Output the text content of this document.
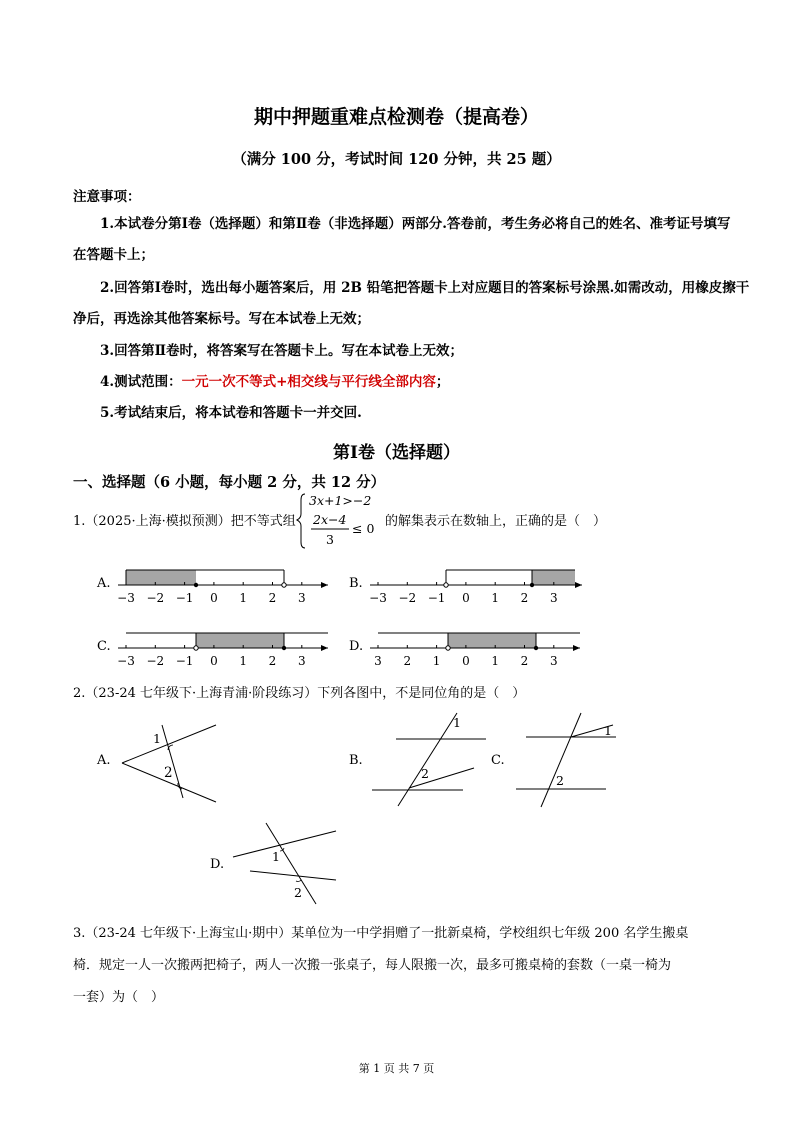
期中押题重难点检测卷（提高卷）
（满分 100 分，考试时间 120 分钟，共 25 题）
注意事项：
1.本试卷分第Ⅰ卷（选择题）和第Ⅱ卷（非选择题）两部分.答卷前，考生务必将自己的姓名、准考证号填写
在答题卡上；
2.回答第Ⅰ卷时，选出每小题答案后，用 2B 铅笔把答题卡上对应题目的答案标号涂黑.如需改动，用橡皮擦干
净后，再选涂其他答案标号。写在本试卷上无效；
3.回答第Ⅱ卷时，将答案写在答题卡上。写在本试卷上无效；
4.测试范围：一元一次不等式+相交线与平行线全部内容；
5.考试结束后，将本试卷和答题卡一并交回.
第Ⅰ卷（选择题）
一、选择题（6 小题，每小题 2 分，共 12 分）
1.（2025·上海·模拟预测）把不等式组
3x+1>−2
2x−4
3
≤ 0 的解集表示在数轴上，正确的是（　）
A.	B.
C.	D.
−3 −2 −1 0 1 2 3	−3 −2 −1 0 1 2 3
−3 −2 −1 0 1 2 3	3 2 1 0 1 2 3
2.（23-24 七年级下·上海青浦·阶段练习）下列各图中，不是同位角的是（　）
A.	B.	C.
D.
1
2
1
2
1
2
1
2
3.（23-24 七年级下·上海宝山·期中）某单位为一中学捐赠了一批新桌椅，学校组织七年级 200 名学生搬桌
椅．规定一人一次搬两把椅子，两人一次搬一张桌子，每人限搬一次，最多可搬桌椅的套数（一桌一椅为
一套）为（　）
第 1 页 共 7 页
